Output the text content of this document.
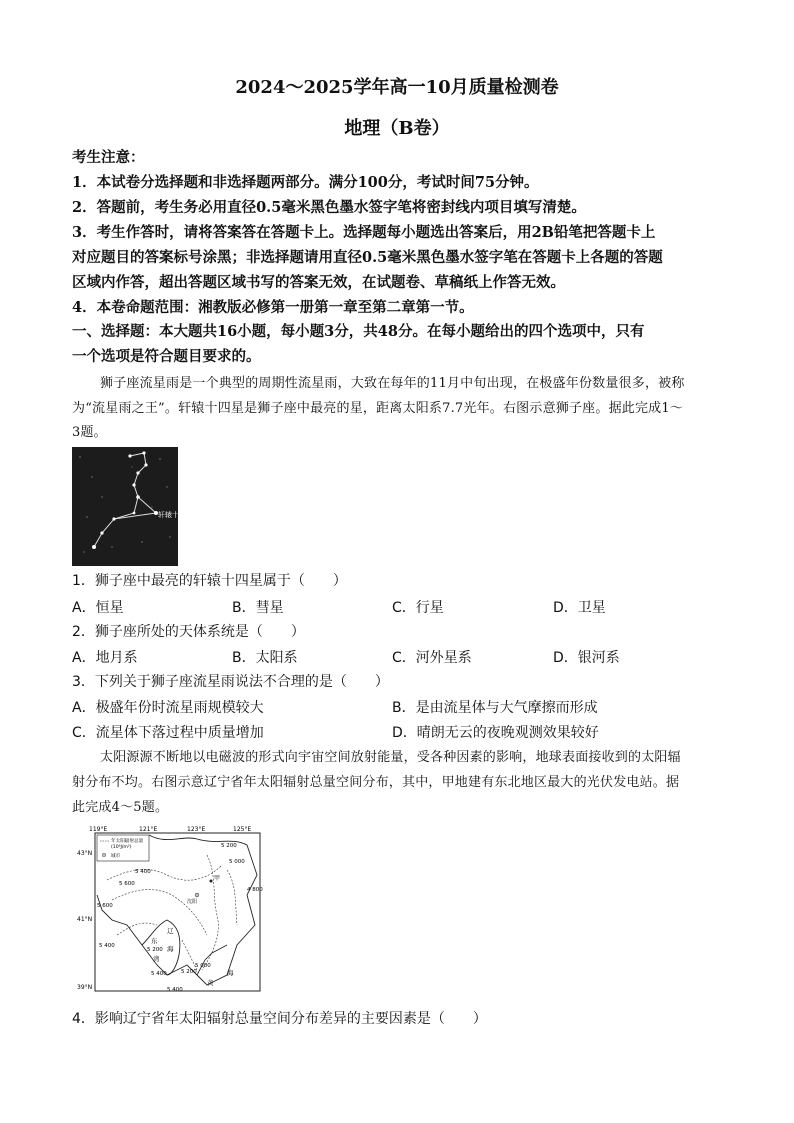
2024～2025学年高一10月质量检测卷
地理（B卷）
考生注意：
1．本试卷分选择题和非选择题两部分。满分100分，考试时间75分钟。
2．答题前，考生务必用直径0.5毫米黑色墨水签字笔将密封线内项目填写清楚。
3．考生作答时，请将答案答在答题卡上。选择题每小题选出答案后，用2B铅笔把答题卡上
对应题目的答案标号涂黑；非选择题请用直径0.5毫米黑色墨水签字笔在答题卡上各题的答题
区域内作答，超出答题区域书写的答案无效，在试题卷、草稿纸上作答无效。
4．本卷命题范围：湘教版必修第一册第一章至第二章第一节。
一、选择题：本大题共16小题，每小题3分，共48分。在每小题给出的四个选项中，只有
一个选项是符合题目要求的。
狮子座流星雨是一个典型的周期性流星雨，大致在每年的11月中旬出现，在极盛年份数量很多，被称
为“流星雨之王”。轩辕十四星是狮子座中最亮的星，距离太阳系7.7光年。右图示意狮子座。据此完成1～
3题。
轩辕十四
1．狮子座中最亮的轩辕十四星属于（　　）
A．恒星	B．彗星	C．行星	D．卫星
2．狮子座所处的天体系统是（　　）
A．地月系	B．太阳系	C．河外星系	D．银河系
3．下列关于狮子座流星雨说法不合理的是（　　）
A．极盛年份时流星雨规模较大	B．是由流星体与大气摩擦而形成
C．流星体下落过程中质量增加	D．晴朗无云的夜晚观测效果较好
太阳源源不断地以电磁波的形式向宇宙空间放射能量，受各种因素的影响，地球表面接收到的太阳辐
射分布不均。右图示意辽宁省年太阳辐射总量空间分布，其中，甲地建有东北地区最大的光伏发电站。据
此完成4～5题。
119°E	121°E	123°E	125°E
43°N
41°N
39°N
年太阳辐射总量
(10⁶J/m²)
城市
5 200
5 000
5 400
5 600
5 600
4 800
5 400
5 200
5 000
5 200
5 400
5 400
甲
沈阳
辽
东
海
黄
海
湾
4．影响辽宁省年太阳辐射总量空间分布差异的主要因素是（　　）
